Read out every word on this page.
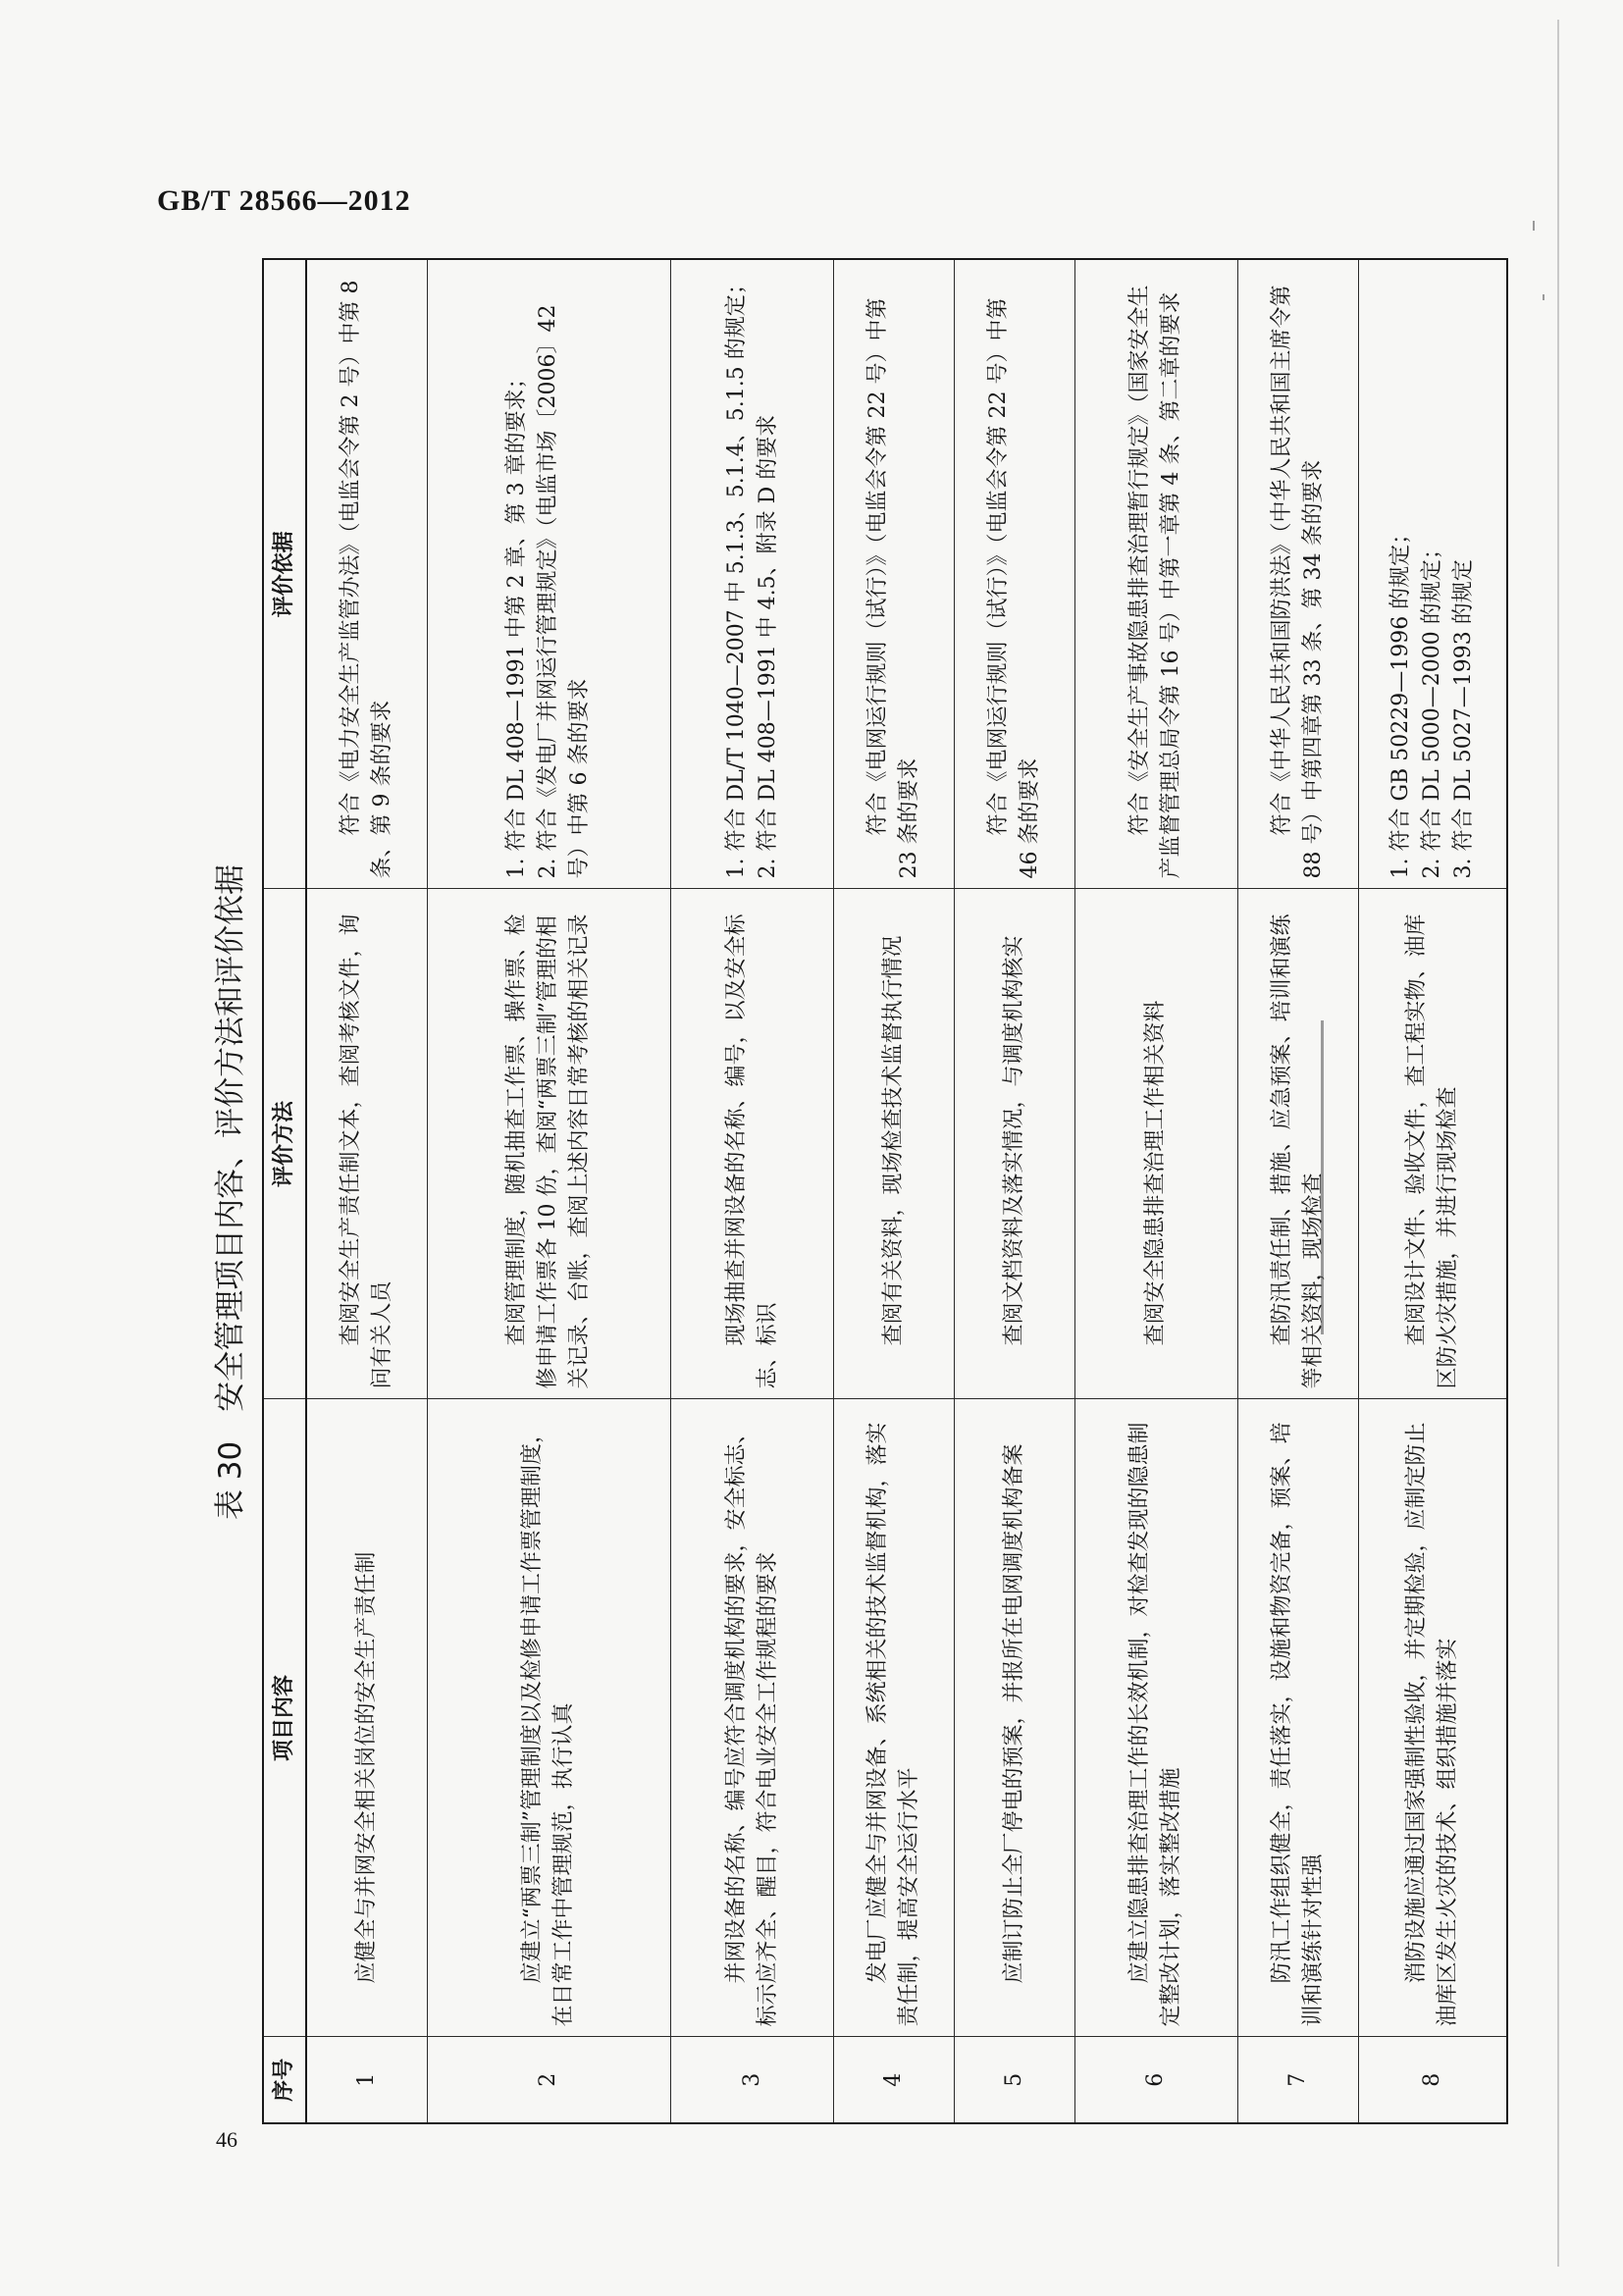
GB/T 28566—2012
表 30 安全管理项目内容、评价方法和评价依据
序号	项目内容	评价方法	评价依据
1	应健全与并网安全相关岗位的安全生产责任制	查阅安全生产责任制文本，查阅考核文件，询问有关人员	符合《电力安全生产监管办法》（电监会令第 2 号）中第 8 条、第 9 条的要求

2	应建立“两票三制”管理制度以及检修申请工作票管理制度，在日常工作中管理规范，执行认真	查阅管理制度，随机抽查工作票、操作票、检修申请工作票各 10 份，查阅“两票三制”管理的相关记录、台账，查阅上述内容日常考核的相关记录	1. 符合 DL 408—1991 中第 2 章、第 3 章的要求； 2. 符合《发电厂并网运行管理规定》（电监市场〔2006〕42 号）中第 6 条的要求

3	并网设备的名称、编号应符合调度机构的要求，安全标志、标示应齐全、醒目，符合电业安全工作规程的要求	现场抽查并网设备的名称、编号，以及安全标志、标识	1. 符合 DL/T 1040—2007 中 5.1.3、5.1.4、5.1.5 的规定； 2. 符合 DL 408—1991 中 4.5、附录 D 的要求

4	发电厂应健全与并网设备、系统相关的技术监督机构，落实责任制，提高安全运行水平	查阅有关资料，现场检查技术监督执行情况	符合《电网运行规则（试行）》（电监会令第 22 号）中第 23 条的要求

5	应制订防止全厂停电的预案，并报所在电网调度机构备案	查阅文档资料及落实情况，与调度机构核实	符合《电网运行规则（试行）》（电监会令第 22 号）中第 46 条的要求

6	应建立隐患排查治理工作的长效机制，对检查发现的隐患制定整改计划，落实整改措施	查阅安全隐患排查治理工作相关资料	符合《安全生产事故隐患排查治理暂行规定》（国家安全生产监督管理总局令第 16 号）中第一章第 4 条、第二章的要求

7	防汛工作组织健全，责任落实，设施和物资完备，预案、培训和演练针对性强	查防汛责任制、措施、应急预案、培训和演练等相关资料，现场检查	符合《中华人民共和国防洪法》（中华人民共和国主席令第 88 号）中第四章第 33 条、第 34 条的要求

8	消防设施应通过国家强制性验收，并定期检验，应制定防止油库区发生火灾的技术、组织措施并落实	查阅设计文件、验收文件，查工程实物、油库区防火灾措施，并进行现场检查	1. 符合 GB 50229—1996 的规定； 2. 符合 DL 5000—2000 的规定； 3. 符合 DL 5027—1993 的规定
46
